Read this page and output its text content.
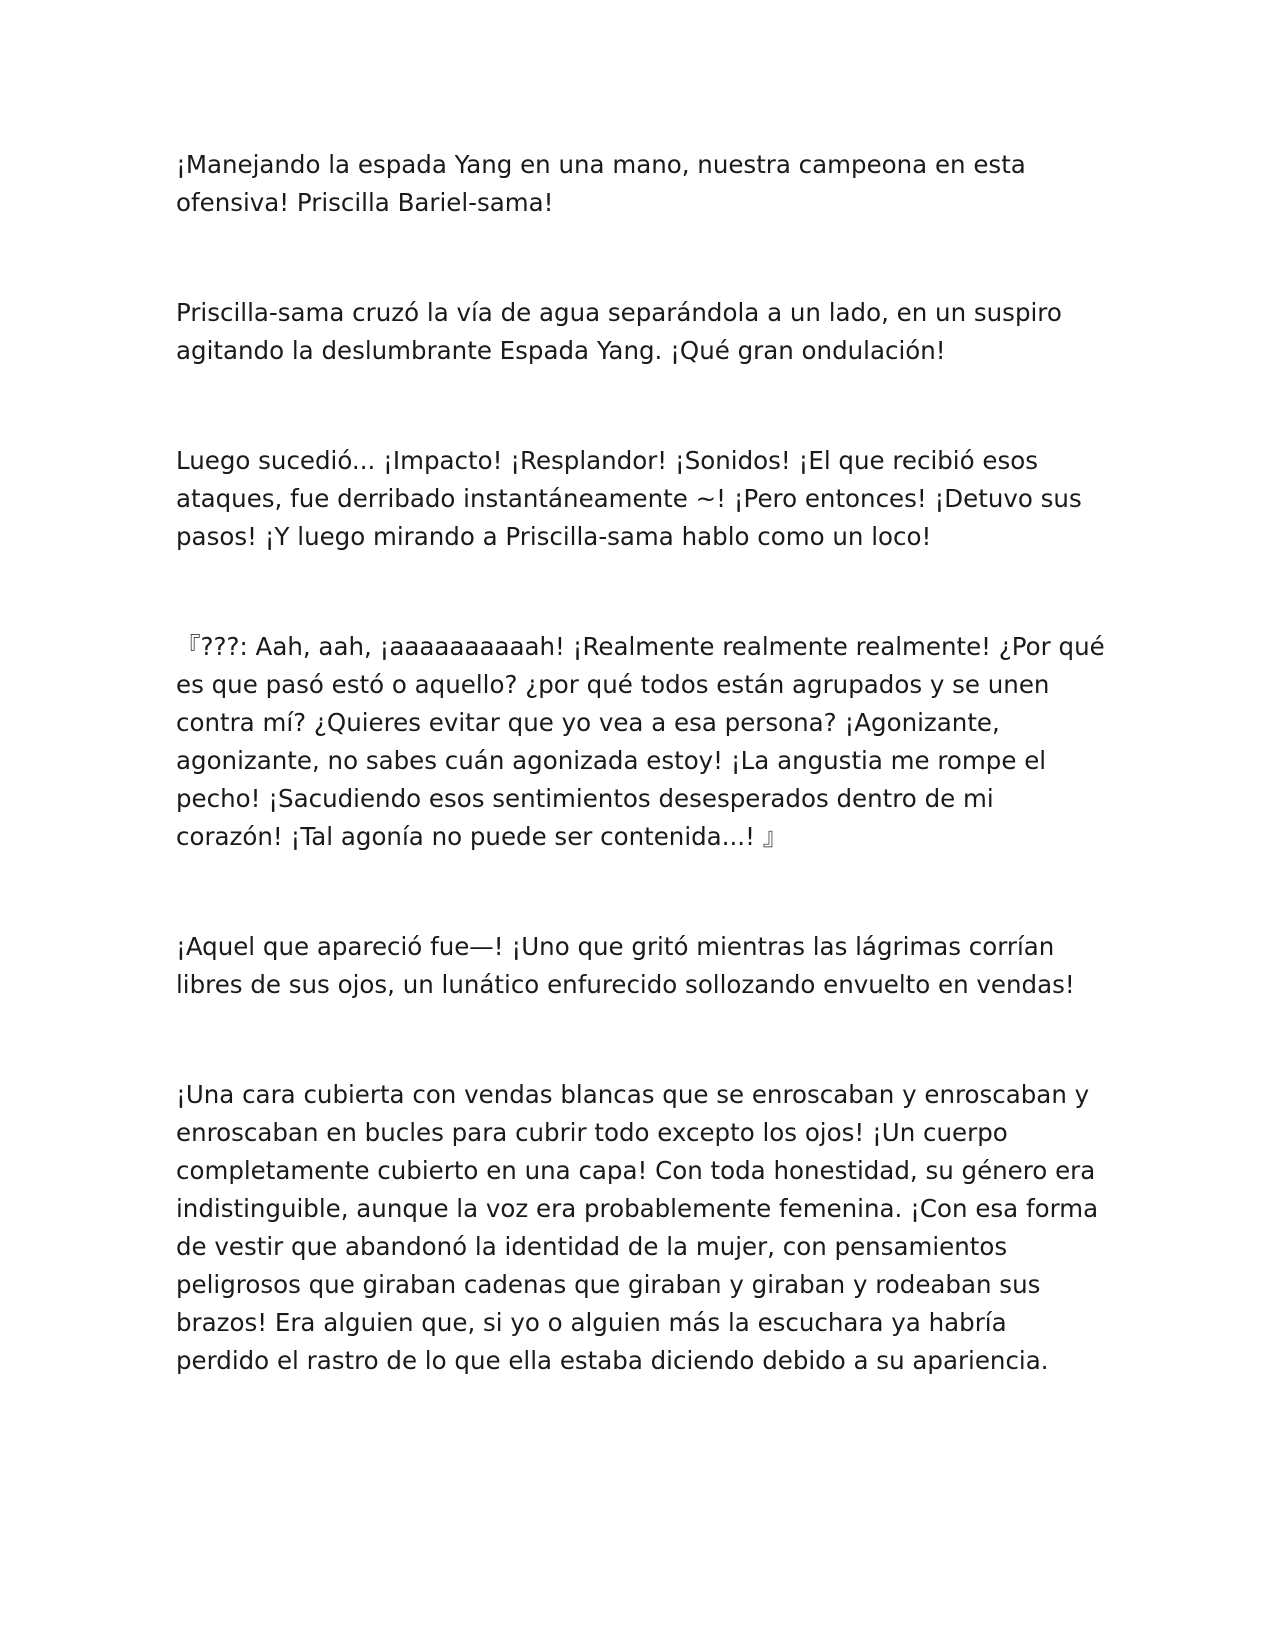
¡Manejando la espada Yang en una mano, nuestra campeona en esta ofensiva! Priscilla Bariel-sama!

Priscilla-sama cruzó la vía de agua separándola a un lado, en un suspiro agitando la deslumbrante Espada Yang. ¡Qué gran ondulación!

Luego sucedió... ¡Impacto! ¡Resplandor! ¡Sonidos! ¡El que recibió esos ataques, fue derribado instantáneamente ~! ¡Pero entonces! ¡Detuvo sus pasos! ¡Y luego mirando a Priscilla-sama hablo como un loco!

『???: Aah, aah, ¡aaaaaaaaaah! ¡Realmente realmente realmente! ¿Por qué es que pasó estó o aquello? ¿por qué todos están agrupados y se unen contra mí? ¿Quieres evitar que yo vea a esa persona? ¡Agonizante, agonizante, no sabes cuán agonizada estoy! ¡La angustia me rompe el pecho! ¡Sacudiendo esos sentimientos desesperados dentro de mi corazón! ¡Tal agonía no puede ser contenida...! 』

¡Aquel que apareció fue—! ¡Uno que gritó mientras las lágrimas corrían libres de sus ojos, un lunático enfurecido sollozando envuelto en vendas!

¡Una cara cubierta con vendas blancas que se enroscaban y enroscaban y enroscaban en bucles para cubrir todo excepto los ojos! ¡Un cuerpo completamente cubierto en una capa! Con toda honestidad, su género era indistinguible, aunque la voz era probablemente femenina. ¡Con esa forma de vestir que abandonó la identidad de la mujer, con pensamientos peligrosos que giraban cadenas que giraban y giraban y rodeaban sus brazos! Era alguien que, si yo o alguien más la escuchara ya habría perdido el rastro de lo que ella estaba diciendo debido a su apariencia.
